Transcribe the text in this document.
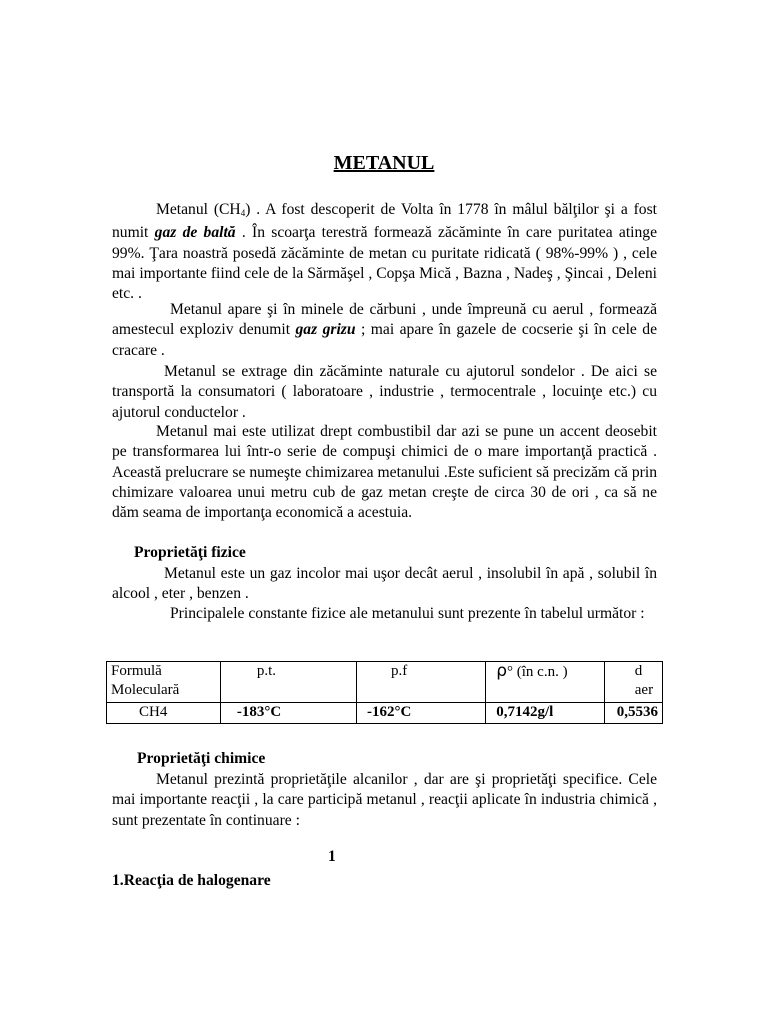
METANUL
Metanul $(CH_4)$ . A fost descoperit de Volta în 1778 în mâlul bălţilor şi a fost numit gaz de baltă . În scoarţa terestră formează zăcăminte în care puritatea atinge 99%. Ţara noastră posedă zăcăminte de metan cu puritate ridicată ( 98%-99% ) , cele mai importante fiind cele de la Sărmăşel , Copşa Mică , Bazna , Nadeş , Şincai , Deleni etc. .
Metanul apare şi în minele de cărbuni , unde împreună cu aerul , formează amestecul exploziv denumit gaz grizu ; mai apare în gazele de cocserie şi în cele de cracare .
Metanul se extrage din zăcăminte naturale cu ajutorul sondelor . De aici se transportă la consumatori ( laboratoare , industrie , termocentrale , locuinţe etc.) cu ajutorul conductelor .
Metanul mai este utilizat drept combustibil dar azi se pune un accent deosebit pe transformarea lui într-o serie de compuşi chimici de o mare importanţă practică . Această prelucrare se numeşte chimizarea metanului .Este suficient să precizăm că prin chimizare valoarea unui metru cub de gaz metan creşte de circa 30 de ori , ca să ne dăm seama de importanţa economică a acestuia.
Proprietăţi fizice
Metanul este un gaz incolor mai uşor decât aerul , insolubil în apă , solubil în alcool , eter , benzen .
Principalele constante fizice ale metanului sunt prezente în tabelul următor :
Formulă Moleculară	p.t.	p.f	ρ° (în c.n. )	d aer
CH4	-183°C	-162°C	0,7142g/l	0,5536
Proprietăţi chimice
Metanul prezintă proprietăţile alcanilor , dar are şi proprietăţi specifice. Cele mai importante reacţii , la care participă metanul , reacţii aplicate în industria chimică , sunt prezentate în continuare :
1
1.Reacţia de halogenare
